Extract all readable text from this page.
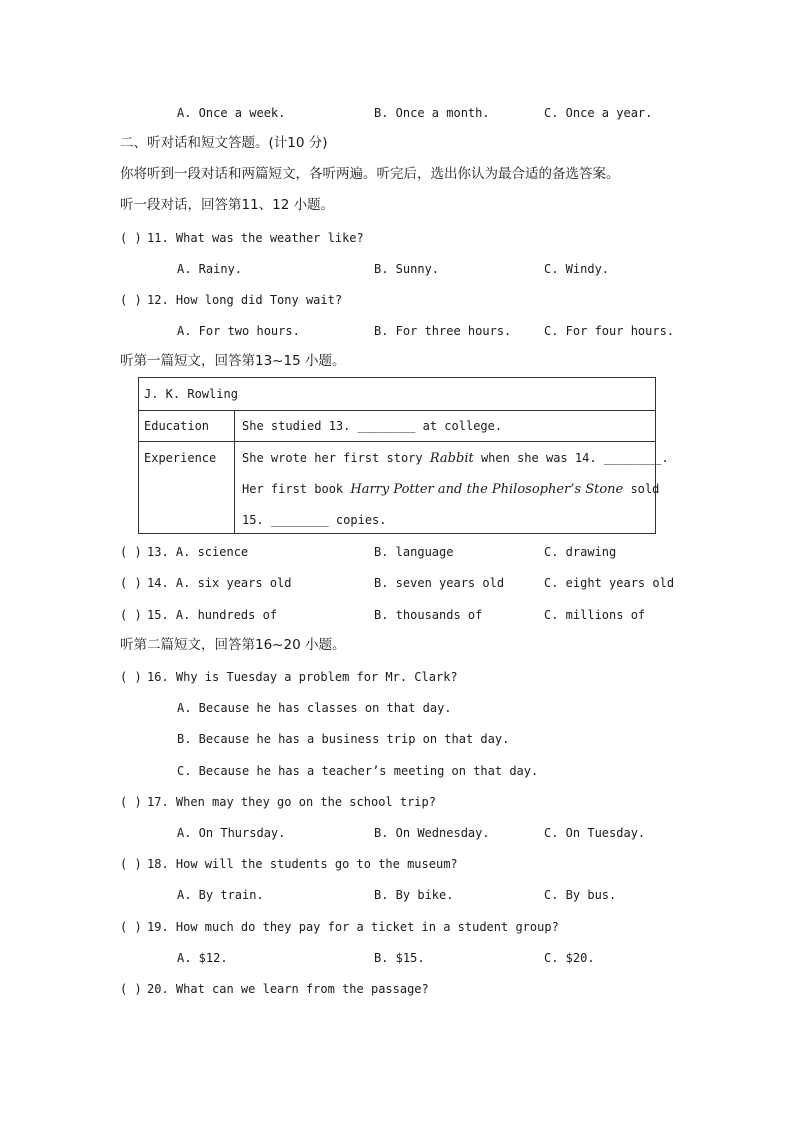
A. Once a week.	B. Once a month.	C. Once a year.
二、听对话和短文答题。(计10 分)
你将听到一段对话和两篇短文，各听两遍。听完后，选出你认为最合适的备选答案。
听一段对话，回答第11、12 小题。
( ) 11. What was the weather like?
A. Rainy.	B. Sunny.	C. Windy.
( ) 12. How long did Tony wait?
A. For two hours.	B. For three hours.	C. For four hours.
听第一篇短文，回答第13~15 小题。
J. K. Rowling
Education	She studied 13. ________ at college.
Experience She wrote her first story Rabbit when she was 14. ________.
Her first book Harry Potter and the Philosopher’s Stone sold
15. ________ copies.
( ) 13. A. science	B. language	C. drawing
( ) 14. A. six years old	B. seven years old	C. eight years old
( ) 15. A. hundreds of	B. thousands of	C. millions of
听第二篇短文，回答第16~20 小题。
( ) 16. Why is Tuesday a problem for Mr. Clark?
A. Because he has classes on that day.
B. Because he has a business trip on that day.
C. Because he has a teacher’s meeting on that day.
( ) 17. When may they go on the school trip?
A. On Thursday.	B. On Wednesday.	C. On Tuesday.
( ) 18. How will the students go to the museum?
A. By train.	B. By bike.	C. By bus.
( ) 19. How much do they pay for a ticket in a student group?
A. $12.	B. $15.	C. $20.
( ) 20. What can we learn from the passage?
